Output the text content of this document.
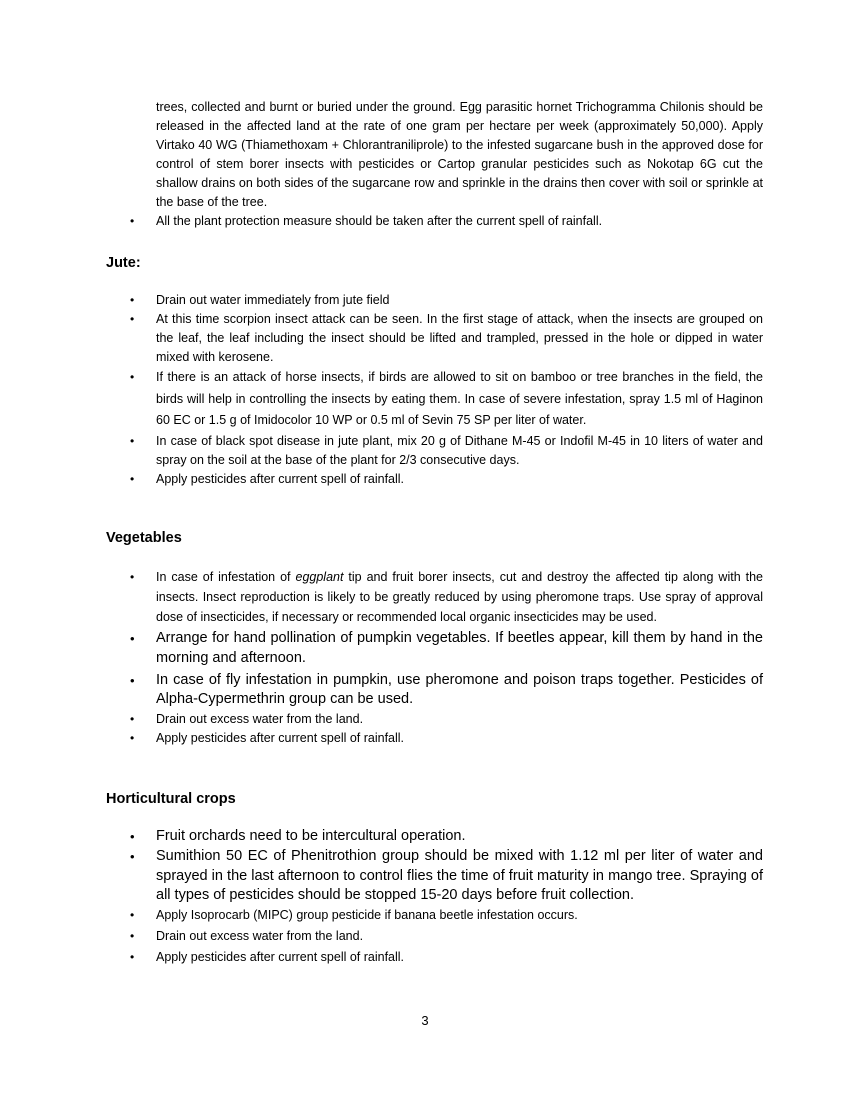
trees, collected and burnt or buried under the ground. Egg parasitic hornet Trichogramma Chilonis should be released in the affected land at the rate of one gram per hectare per week (approximately 50,000). Apply Virtako 40 WG (Thiamethoxam + Chlorantraniliprole) to the infested sugarcane bush in the approved dose for control of stem borer insects with pesticides or Cartop granular pesticides such as Nokotap 6G cut the shallow drains on both sides of the sugarcane row and sprinkle in the drains then cover with soil or sprinkle at the base of the tree.

• All the plant protection measure should be taken after the current spell of rainfall.
Jute:
• Drain out water immediately from jute field
• At this time scorpion insect attack can be seen. In the first stage of attack, when the insects are grouped on the leaf, the leaf including the insect should be lifted and trampled, pressed in the hole or dipped in water mixed with kerosene.
• If there is an attack of horse insects, if birds are allowed to sit on bamboo or tree branches in the field, the birds will help in controlling the insects by eating them. In case of severe infestation, spray 1.5 ml of Haginon 60 EC or 1.5 g of Imidocolor 10 WP or 0.5 ml of Sevin 75 SP per liter of water.
• In case of black spot disease in jute plant, mix 20 g of Dithane M-45 or Indofil M-45 in 10 liters of water and spray on the soil at the base of the plant for 2/3 consecutive days.
• Apply pesticides after current spell of rainfall.
Vegetables
• In case of infestation of eggplant tip and fruit borer insects, cut and destroy the affected tip along with the insects. Insect reproduction is likely to be greatly reduced by using pheromone traps. Use spray of approval dose of insecticides, if necessary or recommended local organic insecticides may be used.
• Arrange for hand pollination of pumpkin vegetables. If beetles appear, kill them by hand in the morning and afternoon.
• In case of fly infestation in pumpkin, use pheromone and poison traps together. Pesticides of Alpha-Cypermethrin group can be used.
• Drain out excess water from the land.
• Apply pesticides after current spell of rainfall.
Horticultural crops
• Fruit orchards need to be intercultural operation.
• Sumithion 50 EC of Phenitrothion group should be mixed with 1.12 ml per liter of water and sprayed in the last afternoon to control flies the time of fruit maturity in mango tree. Spraying of all types of pesticides should be stopped 15-20 days before fruit collection.
• Apply Isoprocarb (MIPC) group pesticide if banana beetle infestation occurs.
• Drain out excess water from the land.
• Apply pesticides after current spell of rainfall.
3
